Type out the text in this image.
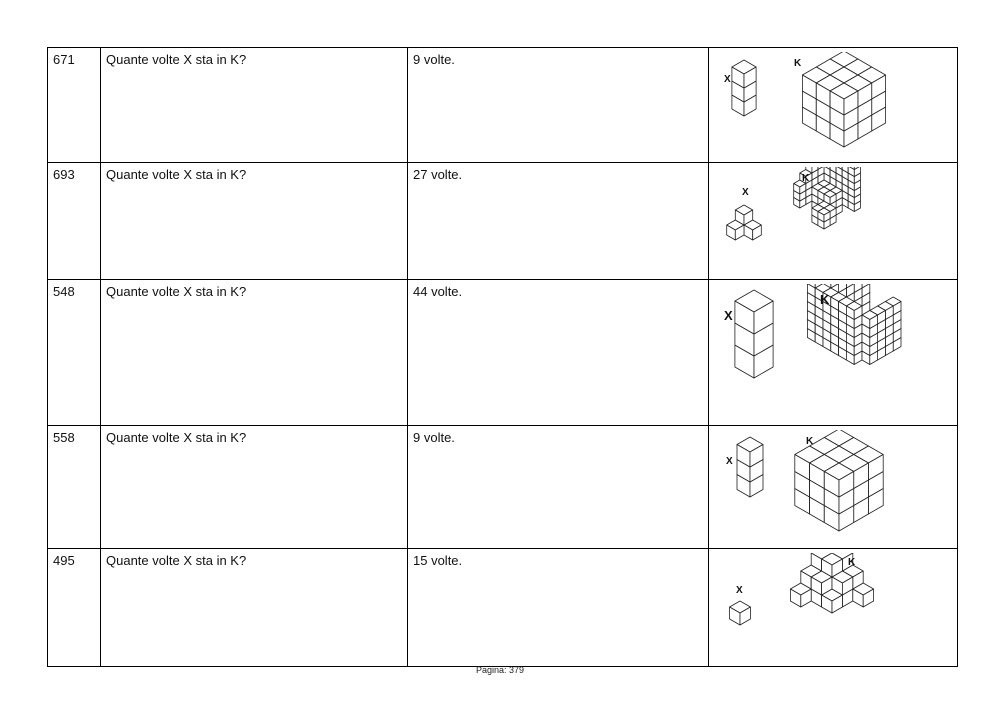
671	Quante volte X sta in K?	9 volte.	X
K

693	Quante volte X sta in K?	27 volte.	X
K

548	Quante volte X sta in K?	44 volte.	X
K

558	Quante volte X sta in K?	9 volte.	X
K

495	Quante volte X sta in K?	15 volte.	X
K
Pagina: 379
